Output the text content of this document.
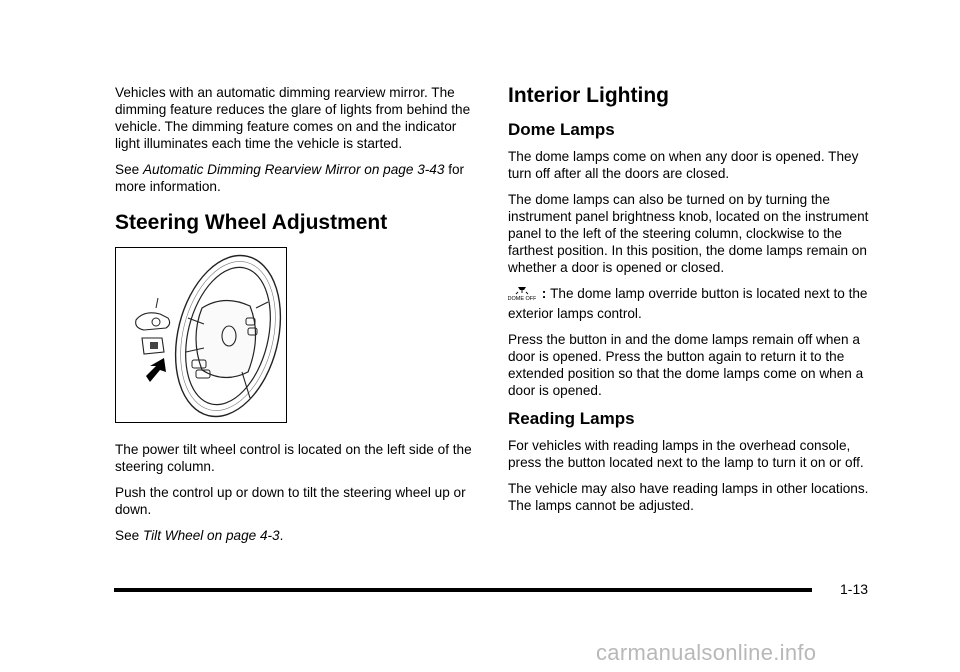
Vehicles with an automatic dimming rearview mirror. The dimming feature reduces the glare of lights from behind the vehicle. The dimming feature comes on and the indicator light illuminates each time the vehicle is started.

See Automatic Dimming Rearview Mirror on page 3-43 for more information.

Steering Wheel Adjustment

The power tilt wheel control is located on the left side of the steering column.

Push the control up or down to tilt the steering wheel up or down.

See Tilt Wheel on page 4-3.

Interior Lighting
Dome Lamps

The dome lamps come on when any door is opened. They turn off after all the doors are closed.

The dome lamps can also be turned on by turning the instrument panel brightness knob, located on the instrument panel to the left of the steering column, clockwise to the farthest position. In this position, the dome lamps remain on whether a door is opened or closed.

DOME OFF : The dome lamp override button is located next to the exterior lamps control.

Press the button in and the dome lamps remain off when a door is opened. Press the button again to return it to the extended position so that the dome lamps come on when a door is opened.

Reading Lamps

For vehicles with reading lamps in the overhead console, press the button located next to the lamp to turn it on or off.

The vehicle may also have reading lamps in other locations. The lamps cannot be adjusted.

1-13
carmanualsonline.info
